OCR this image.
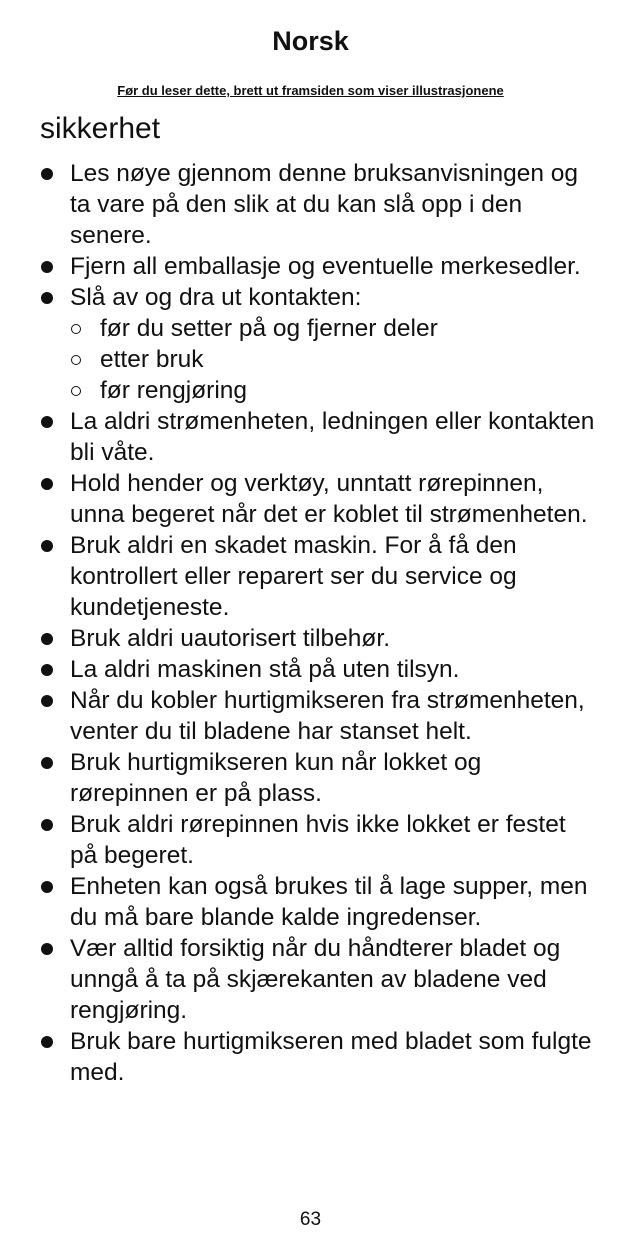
Norsk
Før du leser dette, brett ut framsiden som viser illustrasjonene
sikkerhet
Les nøye gjennom denne bruksanvisningen og ta vare på den slik at du kan slå opp i den senere.
Fjern all emballasje og eventuelle merkesedler.
Slå av og dra ut kontakten:
før du setter på og fjerner deler
etter bruk
før rengjøring
La aldri strømenheten, ledningen eller kontakten bli våte.
Hold hender og verktøy, unntatt rørepinnen, unna begeret når det er koblet til strømenheten.
Bruk aldri en skadet maskin. For å få den kontrollert eller reparert ser du service og kundetjeneste.
Bruk aldri uautorisert tilbehør.
La aldri maskinen stå på uten tilsyn.
Når du kobler hurtigmikseren fra strømenheten, venter du til bladene har stanset helt.
Bruk hurtigmikseren kun når lokket og rørepinnen er på plass.
Bruk aldri rørepinnen hvis ikke lokket er festet på begeret.
Enheten kan også brukes til å lage supper, men du må bare blande kalde ingredenser.
Vær alltid forsiktig når du håndterer bladet og unngå å ta på skjærekanten av bladene ved rengjøring.
Bruk bare hurtigmikseren med bladet som fulgte med.
63
